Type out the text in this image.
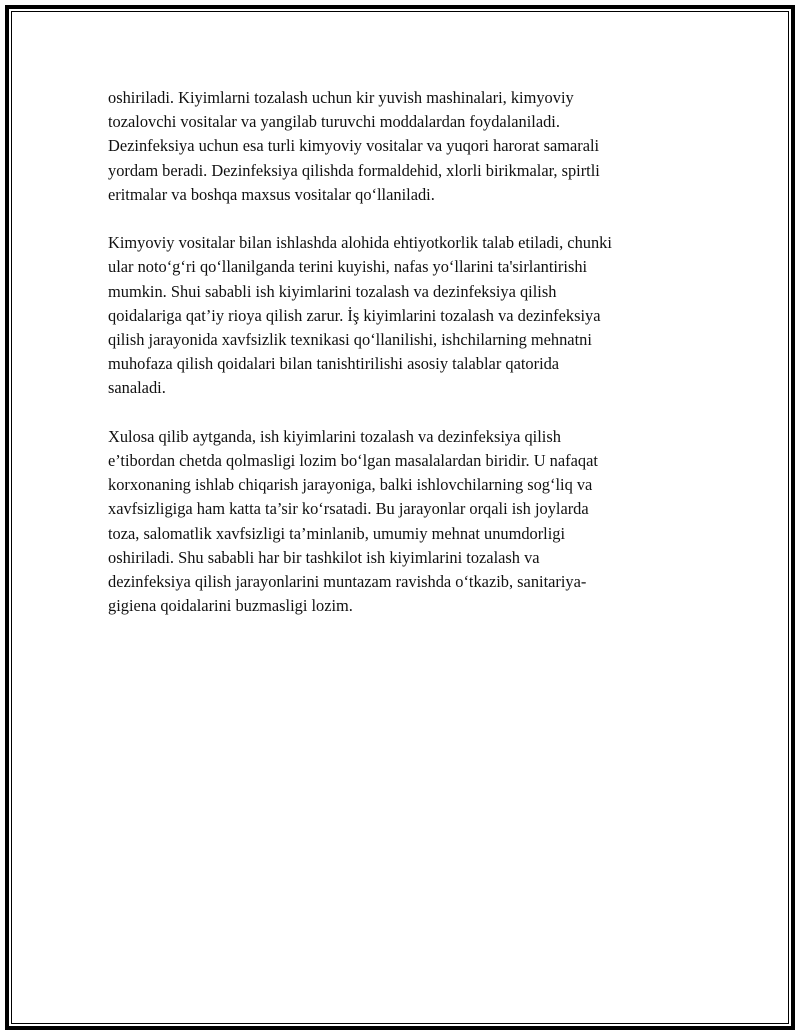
oshiriladi. Kiyimlarni tozalash uchun kir yuvish mashinalari, kimyoviy
tozalovchi vositalar va yangilab turuvchi moddalardan foydalaniladi.
Dezinfeksiya uchun esa turli kimyoviy vositalar va yuqori harorat samarali
yordam beradi. Dezinfeksiya qilishda formaldehid, xlorli birikmalar, spirtli
eritmalar va boshqa maxsus vositalar qo‘llaniladi.

Kimyoviy vositalar bilan ishlashda alohida ehtiyotkorlik talab etiladi, chunki
ular noto‘g‘ri qo‘llanilganda terini kuyishi, nafas yo‘llarini ta'sirlantirishi
mumkin. Shui sababli ish kiyimlarini tozalash va dezinfeksiya qilish
qoidalariga qat’iy rioya qilish zarur. İş kiyimlarini tozalash va dezinfeksiya
qilish jarayonida xavfsizlik texnikasi qo‘llanilishi, ishchilarning mehnatni
muhofaza qilish qoidalari bilan tanishtirilishi asosiy talablar qatorida
sanaladi.

Xulosa qilib aytganda, ish kiyimlarini tozalash va dezinfeksiya qilish
e’tibordan chetda qolmasligi lozim bo‘lgan masalalardan biridir. U nafaqat
korxonaning ishlab chiqarish jarayoniga, balki ishlovchilarning sog‘liq va
xavfsizligiga ham katta ta’sir ko‘rsatadi. Bu jarayonlar orqali ish joylarda
toza, salomatlik xavfsizligi ta’minlanib, umumiy mehnat unumdorligi
oshiriladi. Shu sababli har bir tashkilot ish kiyimlarini tozalash va
dezinfeksiya qilish jarayonlarini muntazam ravishda o‘tkazib, sanitariya-
gigiena qoidalarini buzmasligi lozim.
